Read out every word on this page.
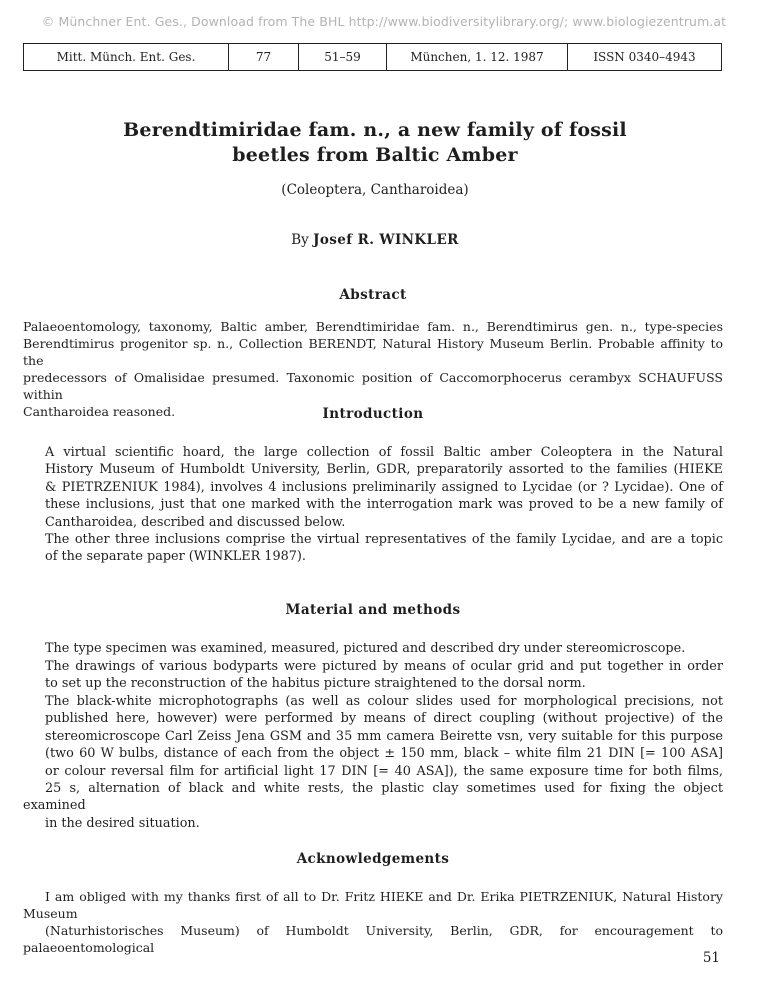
© Münchner Ent. Ges., Download from The BHL http://www.biodiversitylibrary.org/; www.biologiezentrum.at
Mitt. Münch. Ent. Ges.	77	51–59	München, 1. 12. 1987	ISSN 0340–4943
Berendtimiridae fam. n., a new family of fossil
beetles from Baltic Amber
(Coleoptera, Cantharoidea)
By Josef R. WINKLER
Abstract
Palaeoentomology, taxonomy, Baltic amber, Berendtimiridae fam. n., Berendtimirus gen. n., type-species
Berendtimirus progenitor sp. n., Collection BERENDT, Natural History Museum Berlin. Probable affinity to the
predecessors of Omalisidae presumed. Taxonomic position of Caccomorphocerus cerambyx SCHAUFUSS within
Cantharoidea reasoned.	Introduction
A virtual scientific hoard, the large collection of fossil Baltic amber Coleoptera in the Natural
History Museum of Humboldt University, Berlin, GDR, preparatorily assorted to the families (HIEKE
& PIETRZENIUK 1984), involves 4 inclusions preliminarily assigned to Lycidae (or ? Lycidae). One of
these inclusions, just that one marked with the interrogation mark was proved to be a new family of
Cantharoidea, described and discussed below.
The other three inclusions comprise the virtual representatives of the family Lycidae, and are a topic
of the separate paper (WINKLER 1987).
Material and methods
The type specimen was examined, measured, pictured and described dry under stereomicroscope.
The drawings of various bodyparts were pictured by means of ocular grid and put together in order
to set up the reconstruction of the habitus picture straightened to the dorsal norm.
The black-white microphotographs (as well as colour slides used for morphological precisions, not
published here, however) were performed by means of direct coupling (without projective) of the
stereomicroscope Carl Zeiss Jena GSM and 35 mm camera Beirette vsn, very suitable for this purpose
(two 60 W bulbs, distance of each from the object ± 150 mm, black – white film 21 DIN [= 100 ASA]
or colour reversal film for artificial light 17 DIN [= 40 ASA]), the same exposure time for both films,
25 s, alternation of black and white rests, the plastic clay sometimes used for fixing the object examined
in the desired situation.
Acknowledgements
I am obliged with my thanks first of all to Dr. Fritz HIEKE and Dr. Erika PIETRZENIUK, Natural History Museum
(Naturhistorisches Museum) of Humboldt University, Berlin, GDR, for encouragement to palaeoentomological
51
